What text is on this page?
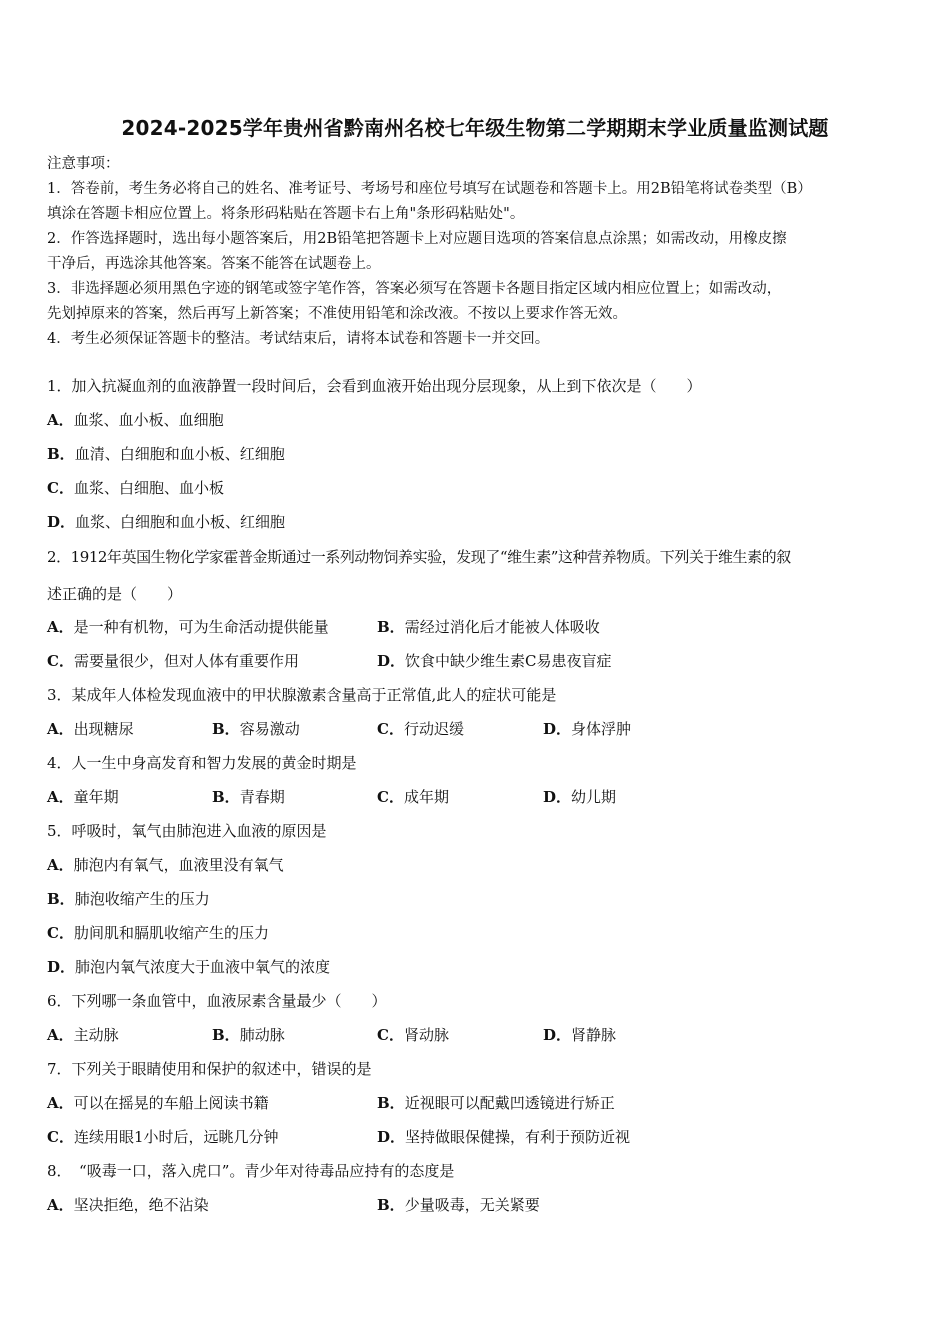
2024-2025学年贵州省黔南州名校七年级生物第二学期期末学业质量监测试题
注意事项：
1．答卷前，考生务必将自己的姓名、准考证号、考场号和座位号填写在试题卷和答题卡上。用2B铅笔将试卷类型（B）
填涂在答题卡相应位置上。将条形码粘贴在答题卡右上角"条形码粘贴处"。
2．作答选择题时，选出每小题答案后，用2B铅笔把答题卡上对应题目选项的答案信息点涂黑；如需改动，用橡皮擦
干净后，再选涂其他答案。答案不能答在试题卷上。
3．非选择题必须用黑色字迹的钢笔或签字笔作答，答案必须写在答题卡各题目指定区域内相应位置上；如需改动，
先划掉原来的答案，然后再写上新答案；不准使用铅笔和涂改液。不按以上要求作答无效。
4．考生必须保证答题卡的整洁。考试结束后，请将本试卷和答题卡一并交回。
1．加入抗凝血剂的血液静置一段时间后，会看到血液开始出现分层现象，从上到下依次是（　　）
A．血浆、血小板、血细胞
B．血清、白细胞和血小板、红细胞
C．血浆、白细胞、血小板
D．血浆、白细胞和血小板、红细胞
2．1912年英国生物化学家霍普金斯通过一系列动物饲养实验，发现了“维生素”这种营养物质。下列关于维生素的叙
述正确的是（　　）
A．是一种有机物，可为生命活动提供能量	B．需经过消化后才能被人体吸收
C．需要量很少，但对人体有重要作用	D．饮食中缺少维生素C易患夜盲症
3．某成年人体检发现血液中的甲状腺激素含量高于正常值,此人的症状可能是
A．出现糖尿	B．容易激动	C．行动迟缓	D．身体浮肿
4．人一生中身高发育和智力发展的黄金时期是
A．童年期	B．青春期	C．成年期	D．幼儿期
5．呼吸时，氧气由肺泡进入血液的原因是
A．肺泡内有氧气，血液里没有氧气
B．肺泡收缩产生的压力
C．肋间肌和膈肌收缩产生的压力
D．肺泡内氧气浓度大于血液中氧气的浓度
6．下列哪一条血管中，血液尿素含量最少（　　）
A．主动脉	B．肺动脉	C．肾动脉	D．肾静脉
7．下列关于眼睛使用和保护的叙述中，错误的是
A．可以在摇晃的车船上阅读书籍	B．近视眼可以配戴凹透镜进行矫正
C．连续用眼1小时后，远眺几分钟	D．坚持做眼保健操，有利于预防近视
8．　“吸毒一口，落入虎口”。青少年对待毒品应持有的态度是
A．坚决拒绝，绝不沾染	B．少量吸毒，无关紧要
